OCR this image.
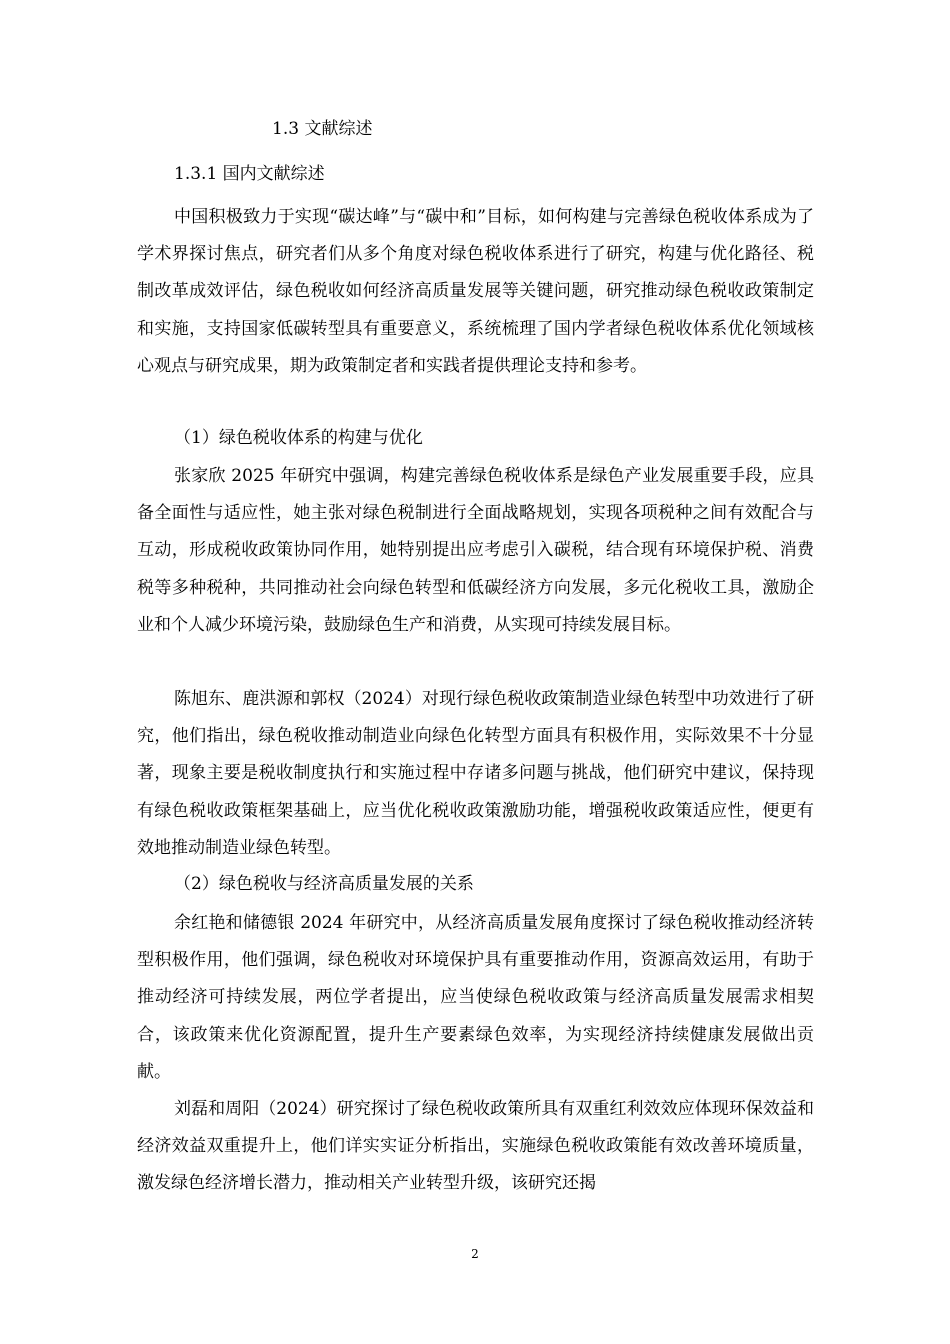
1.3 文献综述
1.3.1 国内文献综述
中国积极致力于实现“碳达峰”与“碳中和”目标，如何构建与完善绿色税收体系成为了学术界探讨焦点，研究者们从多个角度对绿色税收体系进行了研究，构建与优化路径、税制改革成效评估，绿色税收如何经济高质量发展等关键问题，研究推动绿色税收政策制定和实施，支持国家低碳转型具有重要意义，系统梳理了国内学者绿色税收体系优化领域核心观点与研究成果，期为政策制定者和实践者提供理论支持和参考。
（1）绿色税收体系的构建与优化
张家欣 2025 年研究中强调，构建完善绿色税收体系是绿色产业发展重要手段，应具备全面性与适应性，她主张对绿色税制进行全面战略规划，实现各项税种之间有效配合与互动，形成税收政策协同作用，她特别提出应考虑引入碳税，结合现有环境保护税、消费税等多种税种，共同推动社会向绿色转型和低碳经济方向发展，多元化税收工具，激励企业和个人减少环境污染，鼓励绿色生产和消费，从实现可持续发展目标。
陈旭东、鹿洪源和郭权（2024）对现行绿色税收政策制造业绿色转型中功效进行了研究，他们指出，绿色税收推动制造业向绿色化转型方面具有积极作用，实际效果不十分显著，现象主要是税收制度执行和实施过程中存诸多问题与挑战，他们研究中建议，保持现有绿色税收政策框架基础上，应当优化税收政策激励功能，增强税收政策适应性，便更有效地推动制造业绿色转型。
（2）绿色税收与经济高质量发展的关系
余红艳和储德银 2024 年研究中，从经济高质量发展角度探讨了绿色税收推动经济转型积极作用，他们强调，绿色税收对环境保护具有重要推动作用，资源高效运用，有助于推动经济可持续发展，两位学者提出，应当使绿色税收政策与经济高质量发展需求相契合，该政策来优化资源配置，提升生产要素绿色效率，为实现经济持续健康发展做出贡献。
刘磊和周阳（2024）研究探讨了绿色税收政策所具有双重红利效效应体现环保效益和经济效益双重提升上，他们详实实证分析指出，实施绿色税收政策能有效改善环境质量，激发绿色经济增长潜力，推动相关产业转型升级，该研究还揭
2
